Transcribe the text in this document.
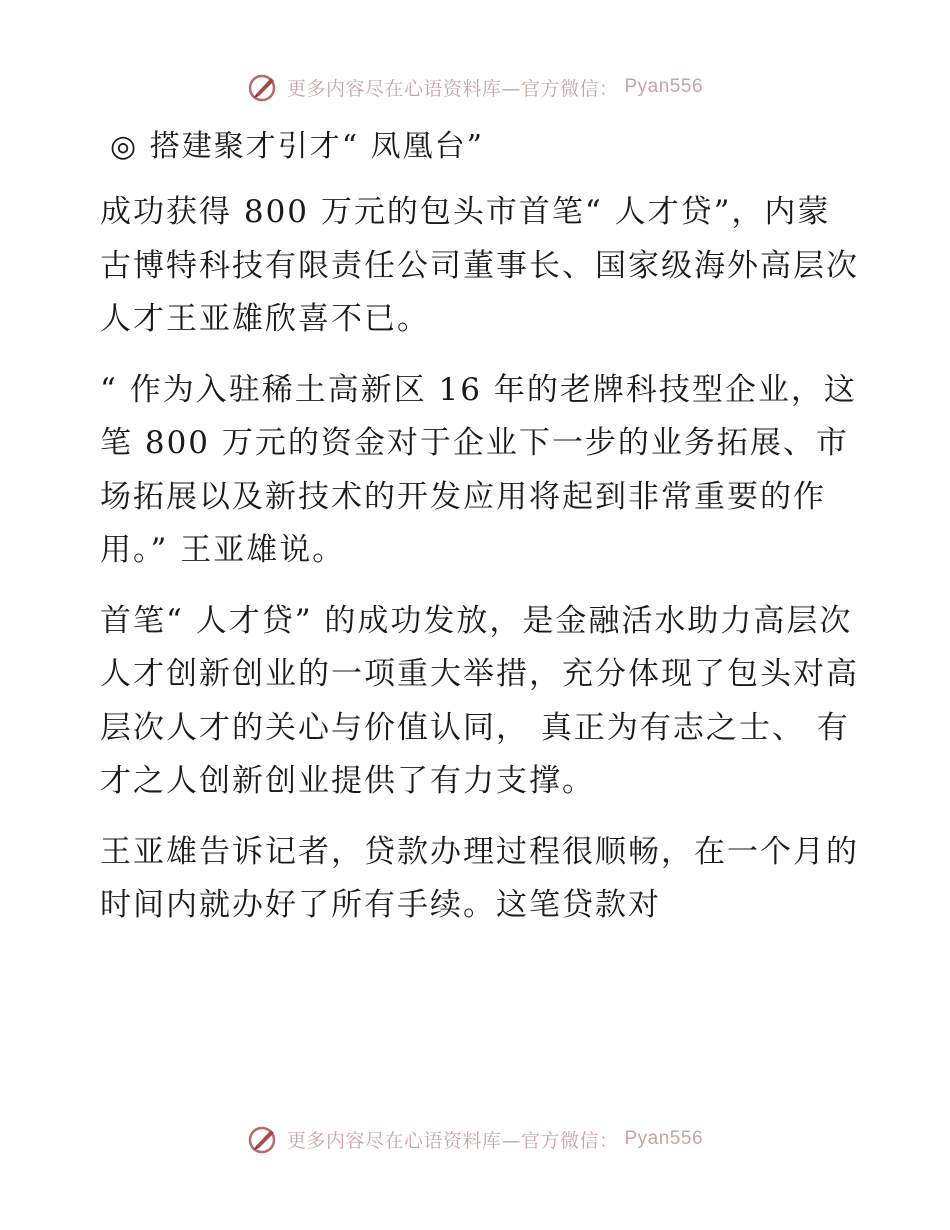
更多内容尽在心语资料库—官方微信： Pyan556
◎ 搭建聚才引才“ 凤凰台”

成功获得 800 万元的包头市首笔“ 人才贷”，内蒙古博特科技有限责任公司董事长、国家级海外高层次人才王亚雄欣喜不已。

“ 作为入驻稀土高新区 16 年的老牌科技型企业，这笔 800 万元的资金对于企业下一步的业务拓展、市场拓展以及新技术的开发应用将起到非常重要的作用。” 王亚雄说。

首笔“ 人才贷” 的成功发放，是金融活水助力高层次人才创新创业的一项重大举措，充分体现了包头对高层次人才的关心与价值认同， 真正为有志之士、 有才之人创新创业提供了有力支撑。

王亚雄告诉记者，贷款办理过程很顺畅，在一个月的时间内就办好了所有手续。这笔贷款对

更多内容尽在心语资料库—官方微信： Pyan556
